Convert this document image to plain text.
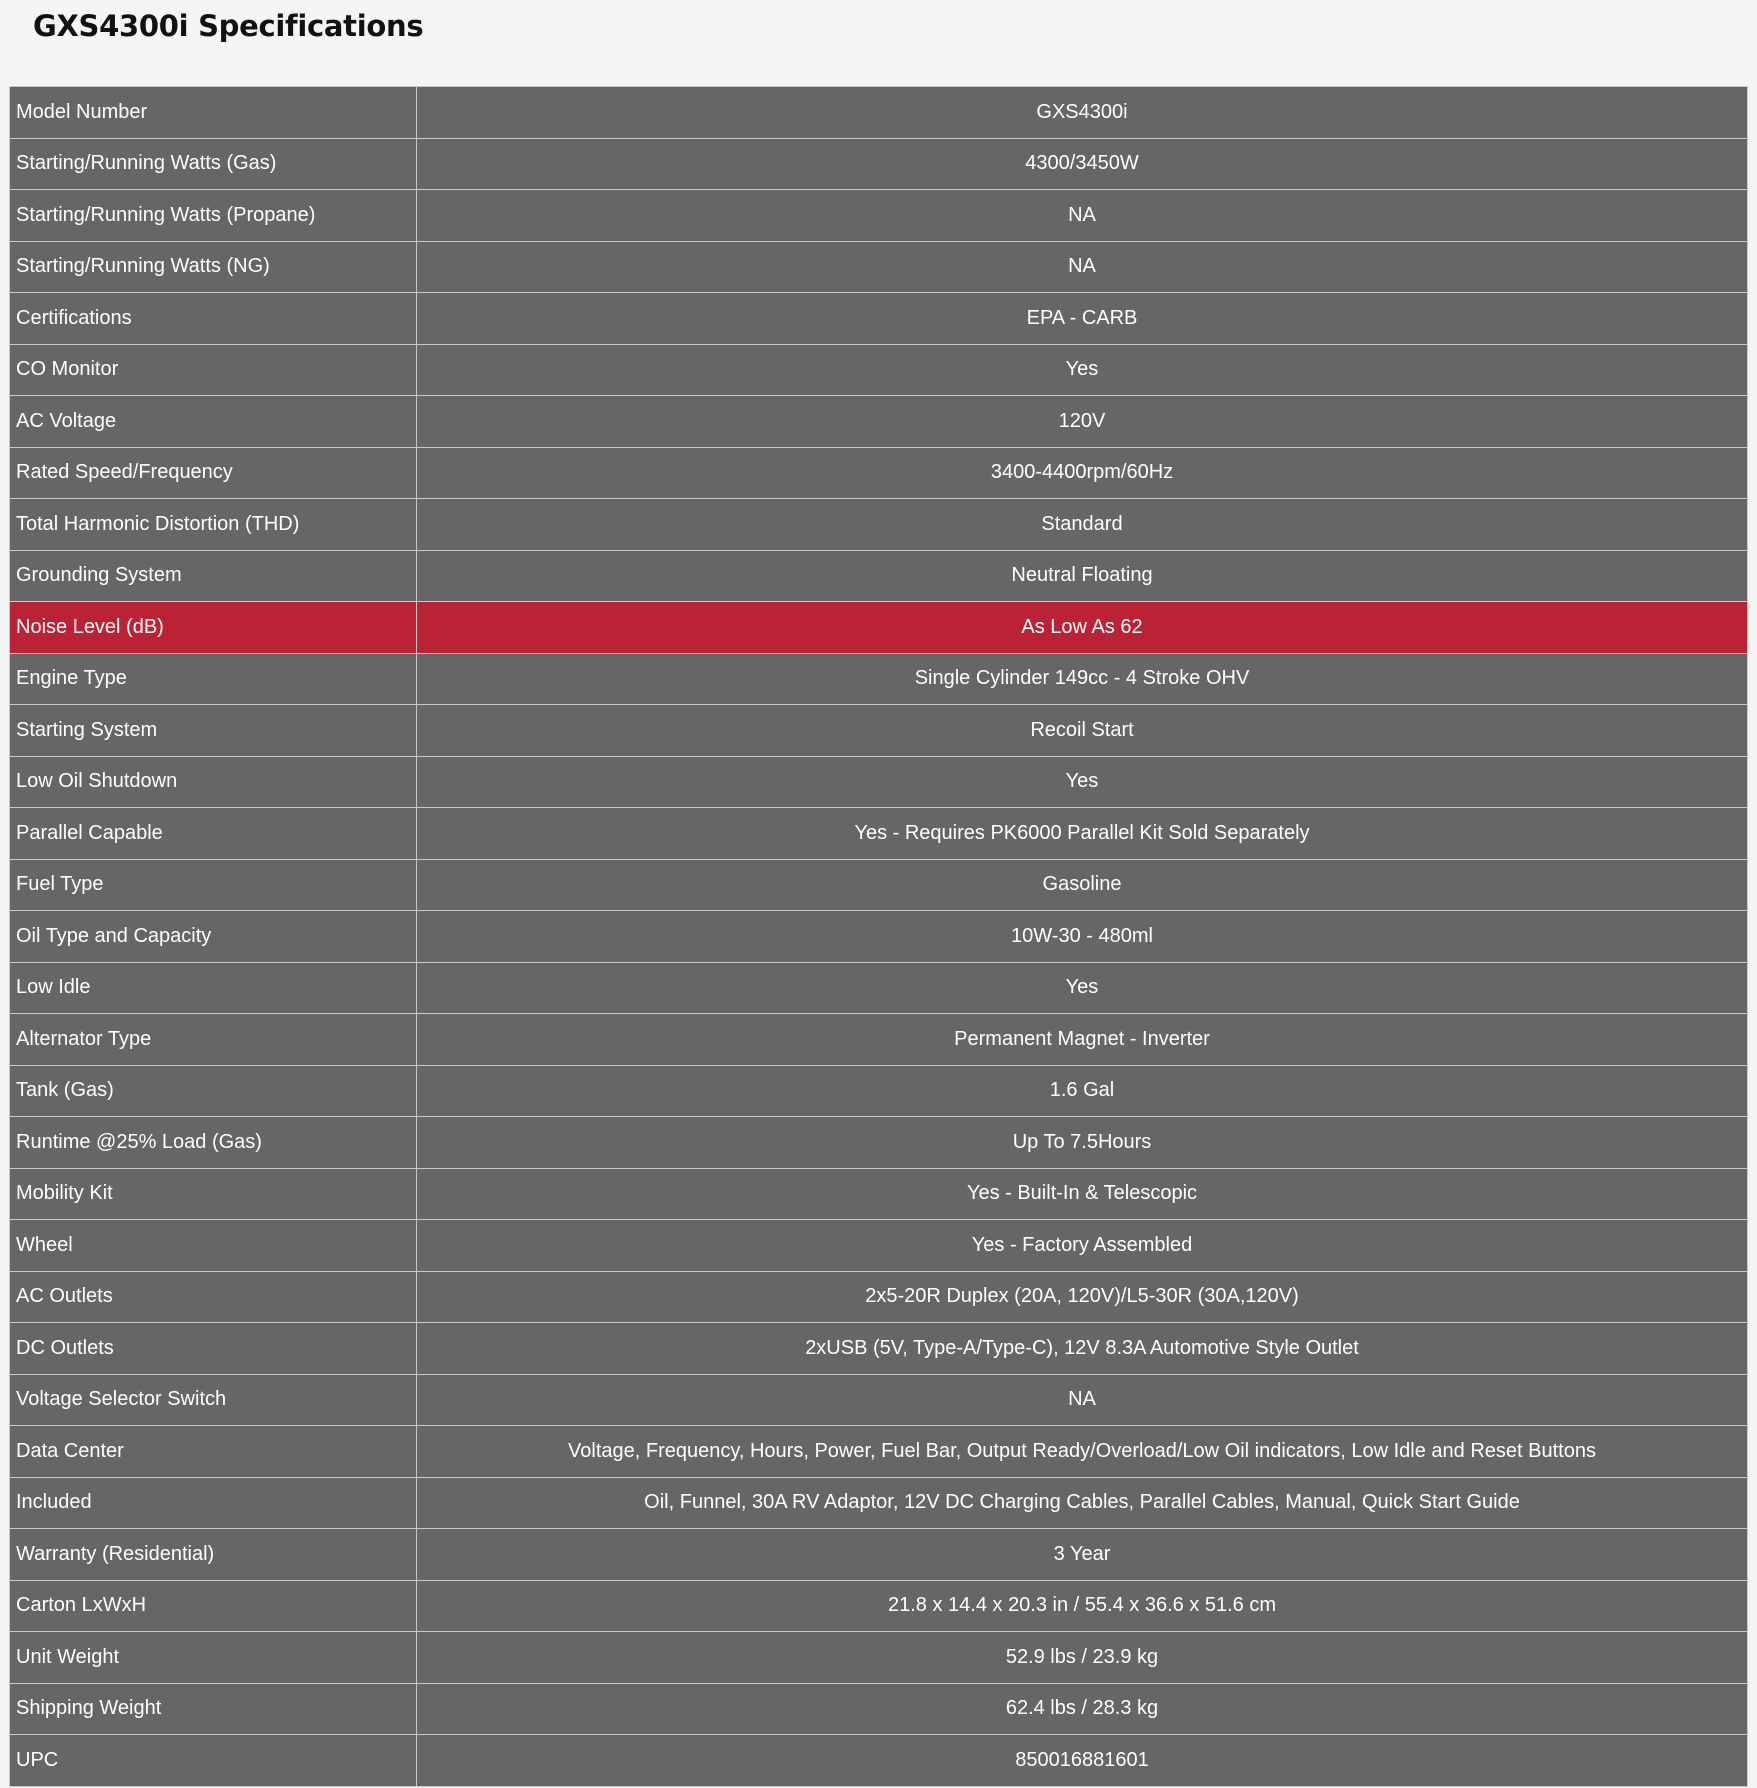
GXS4300i Specifications
Model Number	GXS4300i
Starting/Running Watts (Gas)	4300/3450W
Starting/Running Watts (Propane)	NA
Starting/Running Watts (NG)	NA
Certifications	EPA - CARB
CO Monitor	Yes
AC Voltage	120V
Rated Speed/Frequency	3400-4400rpm/60Hz
Total Harmonic Distortion (THD)	Standard
Grounding System	Neutral Floating
Noise Level (dB)	As Low As 62
Engine Type	Single Cylinder 149cc - 4 Stroke OHV
Starting System	Recoil Start
Low Oil Shutdown	Yes
Parallel Capable	Yes - Requires PK6000 Parallel Kit Sold Separately
Fuel Type	Gasoline
Oil Type and Capacity	10W-30 - 480ml
Low Idle	Yes
Alternator Type	Permanent Magnet - Inverter
Tank (Gas)	1.6 Gal
Runtime @25% Load (Gas)	Up To 7.5Hours
Mobility Kit	Yes - Built-In & Telescopic
Wheel	Yes - Factory Assembled
AC Outlets	2x5-20R Duplex (20A, 120V)/L5-30R (30A,120V)
DC Outlets	2xUSB (5V, Type-A/Type-C), 12V 8.3A Automotive Style Outlet
Voltage Selector Switch	NA
Data Center	Voltage, Frequency, Hours, Power, Fuel Bar, Output Ready/Overload/Low Oil indicators, Low Idle and Reset Buttons
Included	Oil, Funnel, 30A RV Adaptor, 12V DC Charging Cables, Parallel Cables, Manual, Quick Start Guide
Warranty (Residential)	3 Year
Carton LxWxH	21.8 x 14.4 x 20.3 in / 55.4 x 36.6 x 51.6 cm
Unit Weight	52.9 lbs / 23.9 kg
Shipping Weight	62.4 lbs / 28.3 kg
UPC	850016881601
